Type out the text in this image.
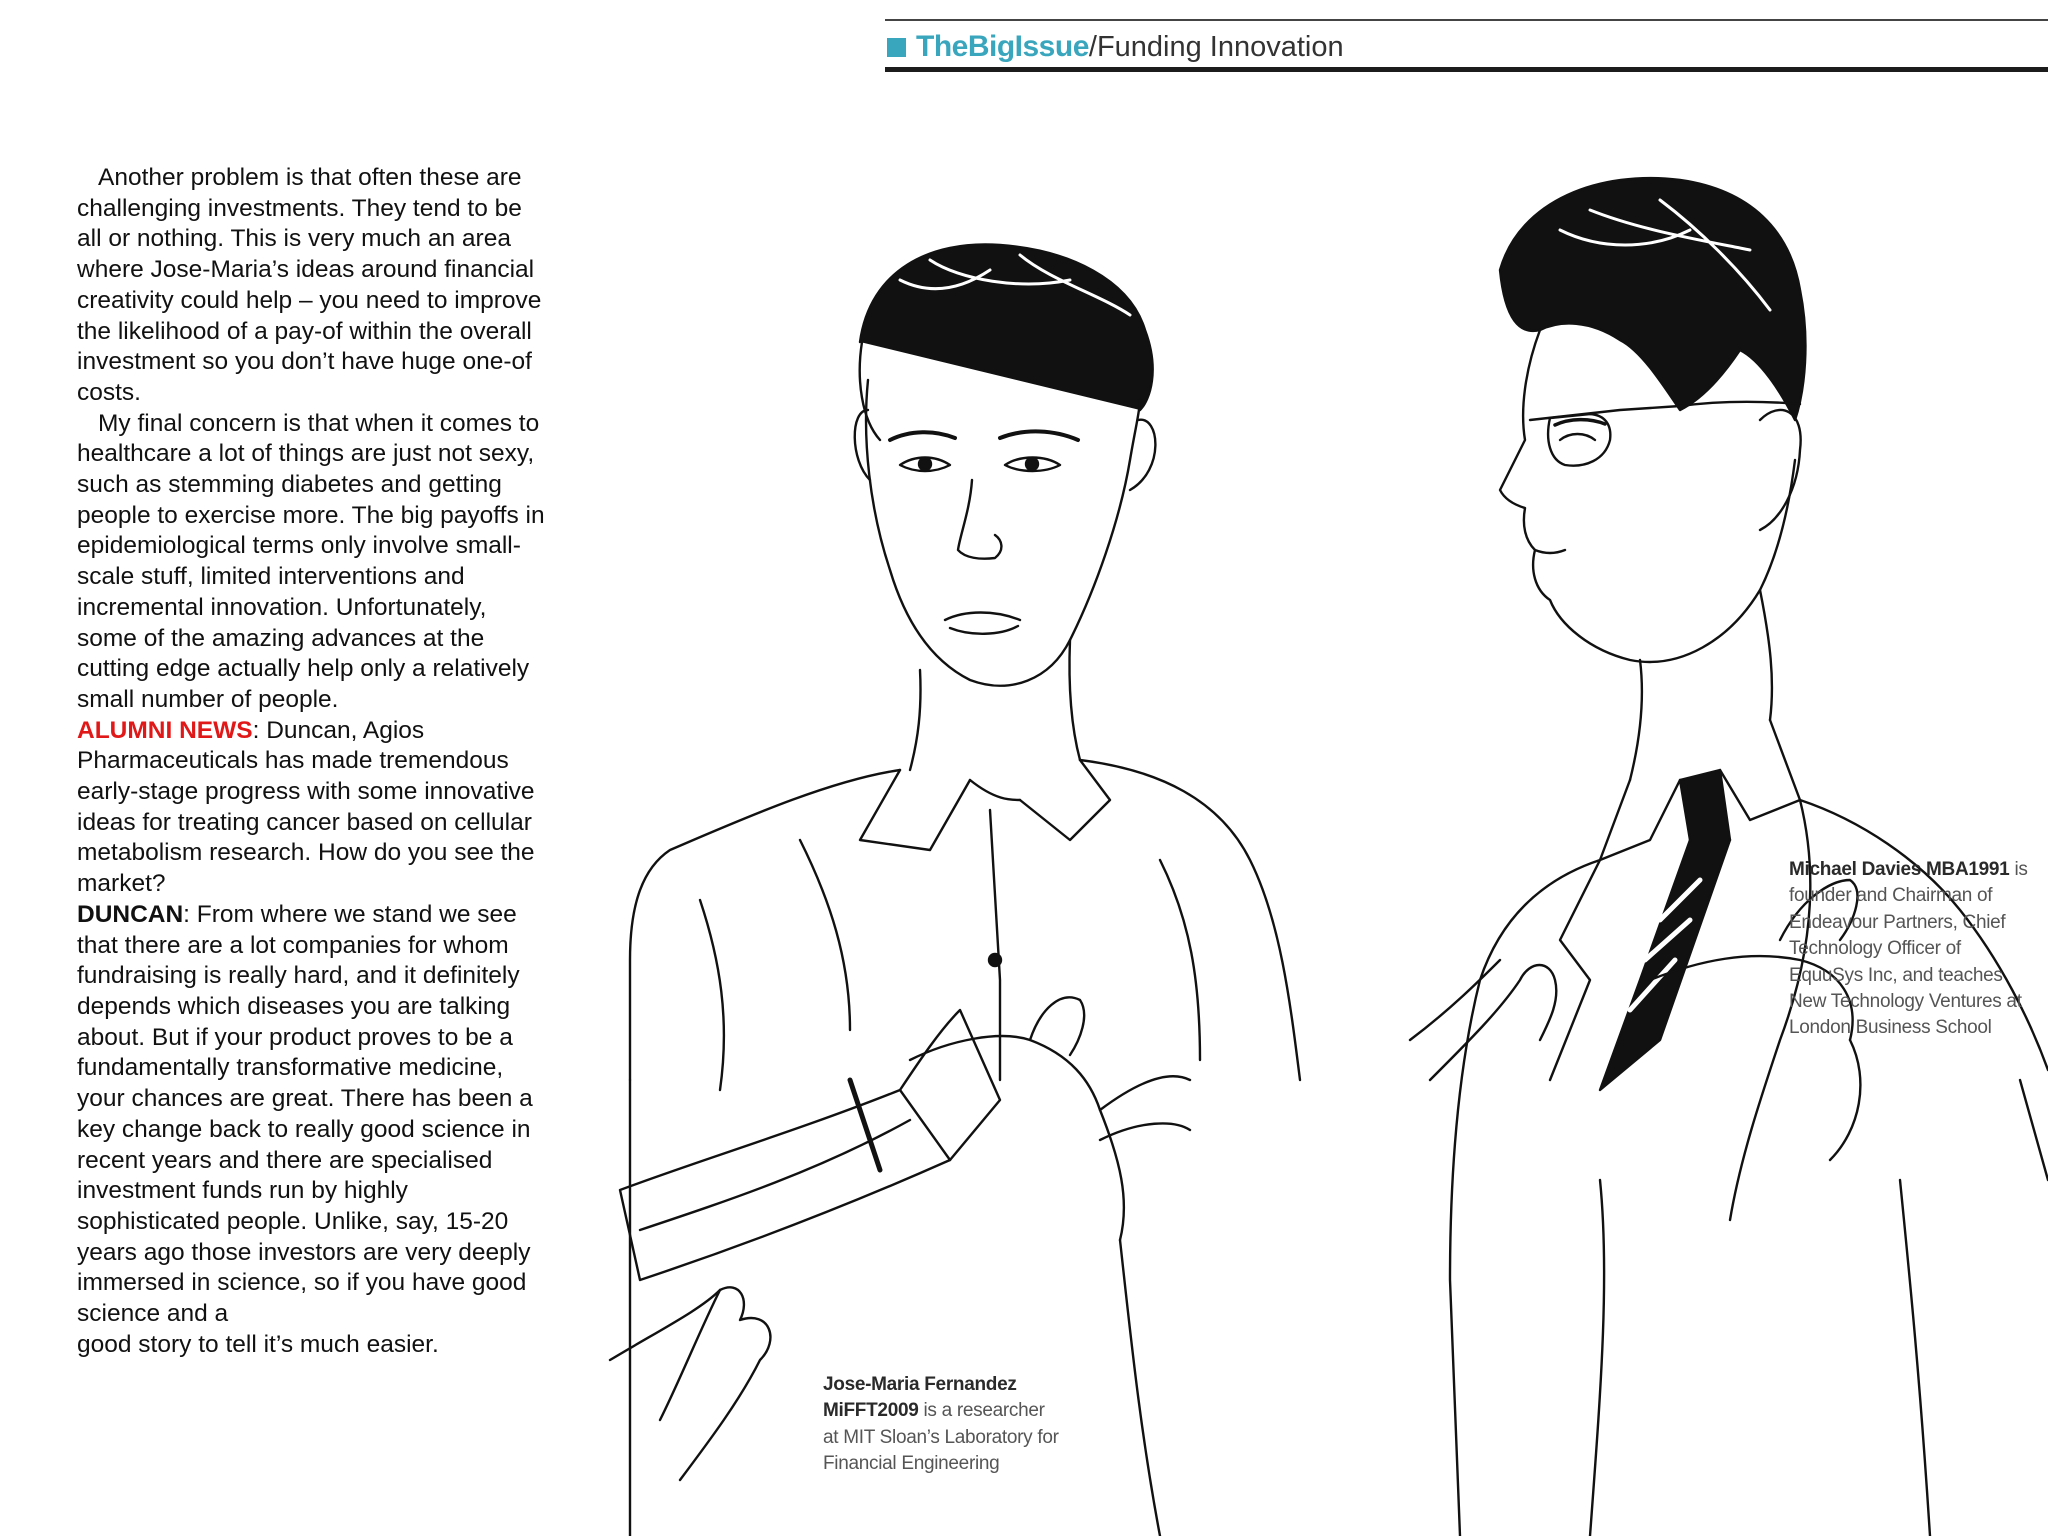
TheBigIssue / Funding Innovation

Another problem is that often these are challenging investments. They tend to be all or nothing. This is very much an area where Jose-Maria’s ideas around financial creativity could help – you need to improve the likelihood of a pay-of within the overall investment so you don’t have huge one-of costs.

My final concern is that when it comes to healthcare a lot of things are just not sexy, such as stemming diabetes and getting people to exercise more. The big payoffs in epidemiological terms only involve small-scale stuff, limited interventions and incremental innovation. Unfortunately, some of the amazing advances at the cutting edge actually help only a relatively small number of people.

ALUMNI NEWS: Duncan, Agios Pharmaceuticals has made tremendous early-stage progress with some innovative ideas for treating cancer based on cellular metabolism research. How do you see the market?

DUNCAN: From where we stand we see that there are a lot companies for whom fundraising is really hard, and it definitely depends which diseases you are talking about. But if your product proves to be a fundamentally transformative medicine, your chances are great. There has been a key change back to really good science in recent years and there are specialised investment funds run by highly sophisticated people. Unlike, say, 15-20 years ago those investors are very deeply immersed in science, so if you have good science and a

good story to tell it’s much easier.

Michael Davies MBA1991 is founder and Chairman of Endeavour Partners, Chief Technology Officer of EquuSys Inc, and teaches New Technology Ventures at London Business School
Jose-Maria Fernandez MiFFT2009 is a researcher at MIT Sloan’s Laboratory for Financial Engineering
